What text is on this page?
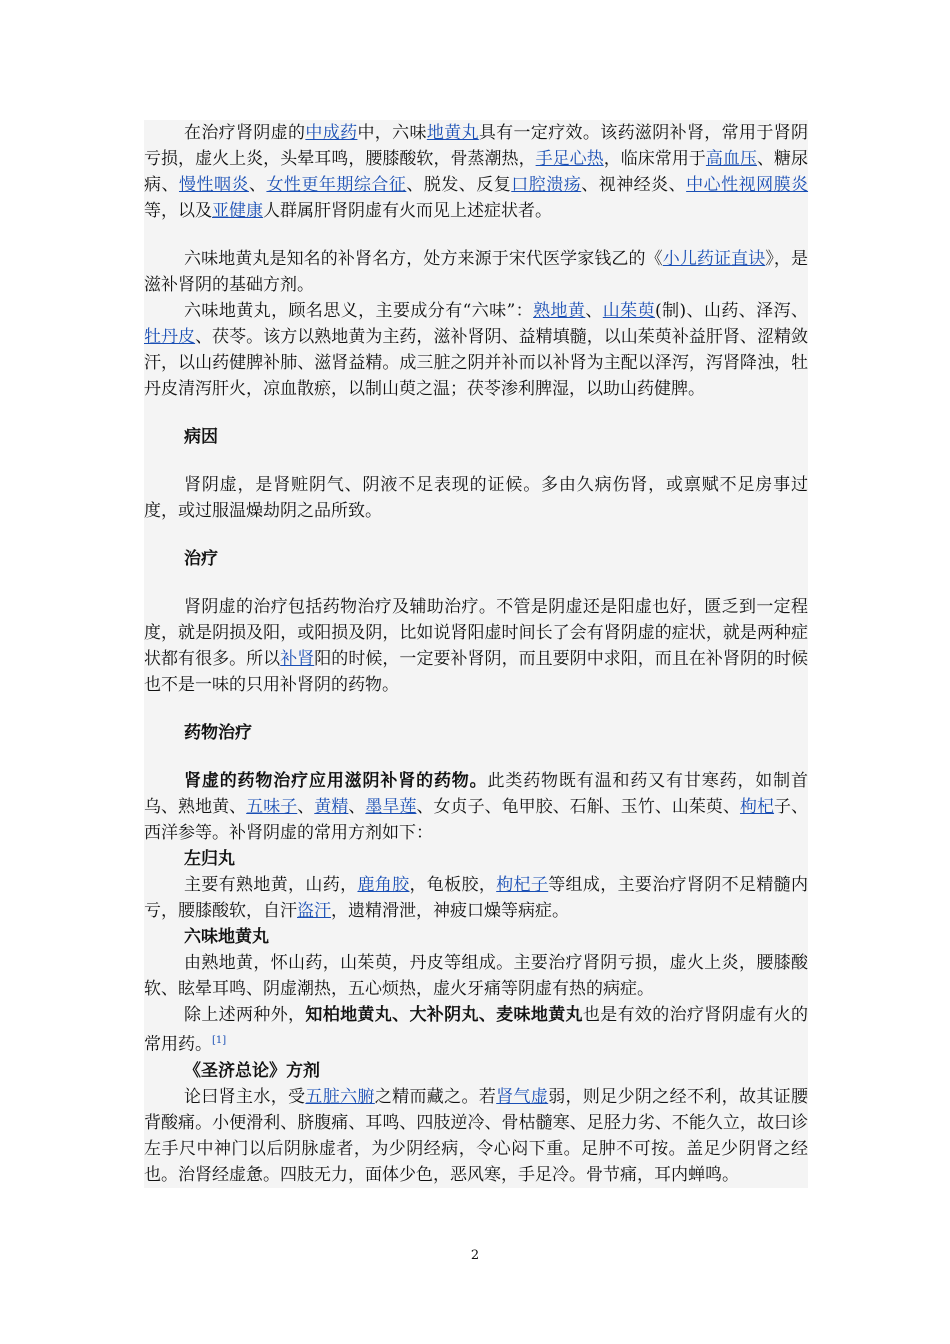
在治疗肾阴虚的中成药中，六味地黄丸具有一定疗效。该药滋阴补肾，常用于肾阴亏损，虚火上炎，头晕耳鸣，腰膝酸软，骨蒸潮热，手足心热，临床常用于高血压、糖尿病、慢性咽炎、女性更年期综合征、脱发、反复口腔溃疡、视神经炎、中心性视网膜炎等，以及亚健康人群属肝肾阴虚有火而见上述症状者。

六味地黄丸是知名的补肾名方，处方来源于宋代医学家钱乙的《小儿药证直诀》，是滋补肾阴的基础方剂。

六味地黄丸，顾名思义，主要成分有“六味”：熟地黄、山茱萸(制)、山药、泽泻、牡丹皮、茯苓。该方以熟地黄为主药，滋补肾阴、益精填髓，以山茱萸补益肝肾、涩精敛汗，以山药健脾补肺、滋肾益精。成三脏之阴并补而以补肾为主配以泽泻，泻肾降浊，牡丹皮清泻肝火，凉血散瘀，以制山萸之温；茯苓渗利脾湿，以助山药健脾。

病因

肾阴虚，是肾赃阴气、阴液不足表现的证候。多由久病伤肾，或禀赋不足房事过度，或过服温燥劫阴之品所致。

治疗

肾阴虚的治疗包括药物治疗及辅助治疗。不管是阴虚还是阳虚也好，匮乏到一定程度，就是阴损及阳，或阳损及阴，比如说肾阳虚时间长了会有肾阴虚的症状，就是两种症状都有很多。所以补肾阳的时候，一定要补肾阴，而且要阴中求阳，而且在补肾阴的时候也不是一味的只用补肾阴的药物。

药物治疗

肾虚的药物治疗应用滋阴补肾的药物。此类药物既有温和药又有甘寒药，如制首乌、熟地黄、五味子、黄精、墨旱莲、女贞子、龟甲胶、石斛、玉竹、山茱萸、枸杞子、西洋参等。补肾阴虚的常用方剂如下：

左归丸

主要有熟地黄，山药，鹿角胶，龟板胶，枸杞子等组成，主要治疗肾阴不足精髓内亏，腰膝酸软，自汗盗汗，遗精滑泄，神疲口燥等病症。

六味地黄丸

由熟地黄，怀山药，山茱萸，丹皮等组成。主要治疗肾阴亏损，虚火上炎，腰膝酸软、眩晕耳鸣、阴虚潮热，五心烦热，虚火牙痛等阴虚有热的病症。

除上述两种外，知柏地黄丸、大补阴丸、麦味地黄丸也是有效的治疗肾阴虚有火的常用药。[1]

《圣济总论》方剂

论曰肾主水，受五脏六腑之精而藏之。若肾气虚弱，则足少阴之经不利，故其证腰背酸痛。小便滑利、脐腹痛、耳鸣、四肢逆冷、骨枯髓寒、足胫力劣、不能久立，故曰诊左手尺中神门以后阴脉虚者，为少阴经病，令心闷下重。足肿不可按。盖足少阴肾之经也。治肾经虚惫。四肢无力，面体少色，恶风寒，手足冷。骨节痛，耳内蝉鸣。

2
